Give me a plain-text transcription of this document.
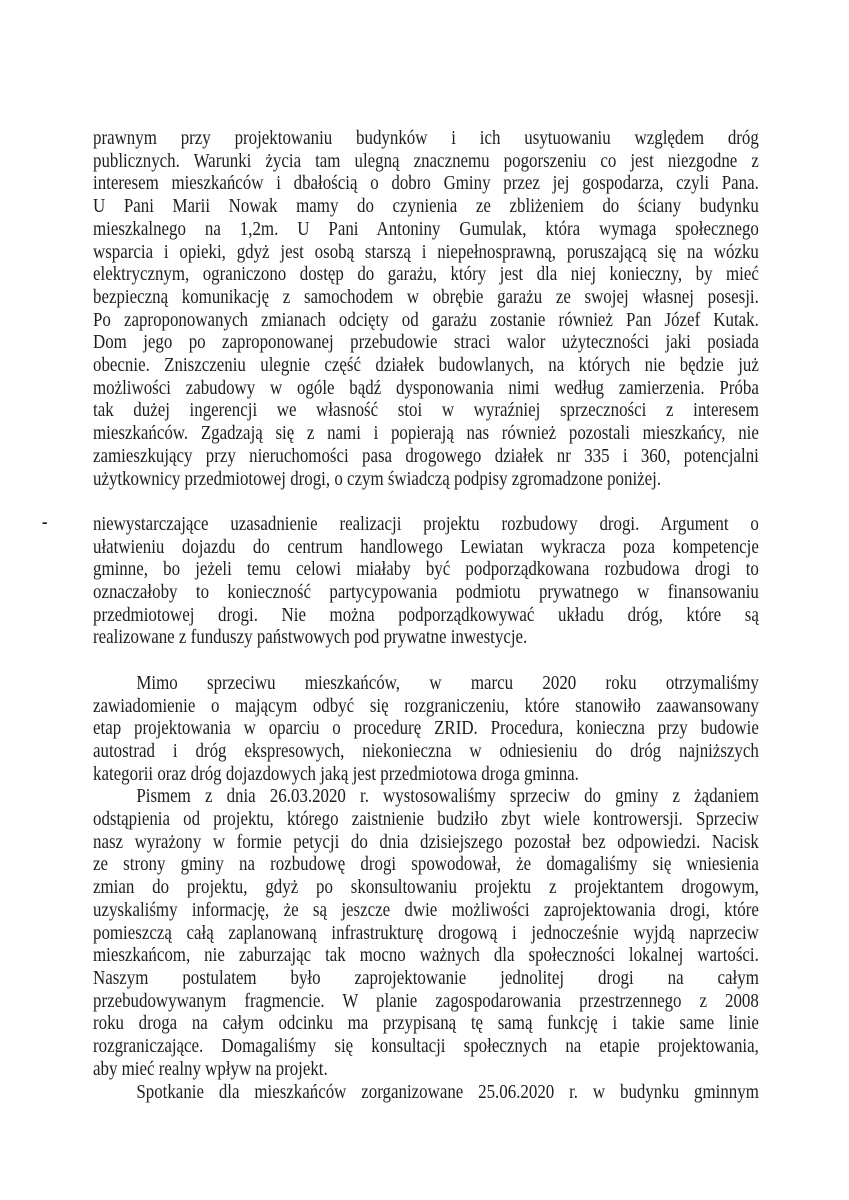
prawnym przy projektowaniu budynków i ich usytuowaniu względem dróg
publicznych. Warunki życia tam ulegną znacznemu pogorszeniu co jest niezgodne z
interesem mieszkańców i dbałością o dobro Gminy przez jej gospodarza, czyli Pana.
U Pani Marii Nowak mamy do czynienia ze zbliżeniem do ściany budynku
mieszkalnego na 1,2m. U Pani Antoniny Gumulak, która wymaga społecznego
wsparcia i opieki, gdyż jest osobą starszą i niepełnosprawną, poruszającą się na wózku
elektrycznym, ograniczono dostęp do garażu, który jest dla niej konieczny, by mieć
bezpieczną komunikację z samochodem w obrębie garażu ze swojej własnej posesji.
Po zaproponowanych zmianach odcięty od garażu zostanie również Pan Józef Kutak.
Dom jego po zaproponowanej przebudowie straci walor użyteczności jaki posiada
obecnie. Zniszczeniu ulegnie część działek budowlanych, na których nie będzie już
możliwości zabudowy w ogóle bądź dysponowania nimi według zamierzenia. Próba
tak dużej ingerencji we własność stoi w wyraźniej sprzeczności z interesem
mieszkańców. Zgadzają się z nami i popierają nas również pozostali mieszkańcy, nie
zamieszkujący przy nieruchomości pasa drogowego działek nr 335 i 360, potencjalni
użytkownicy przedmiotowej drogi, o czym świadczą podpisy zgromadzone poniżej.
- niewystarczające uzasadnienie realizacji projektu rozbudowy drogi. Argument o
ułatwieniu dojazdu do centrum handlowego Lewiatan wykracza poza kompetencje
gminne, bo jeżeli temu celowi miałaby być podporządkowana rozbudowa drogi to
oznaczałoby to konieczność partycypowania podmiotu prywatnego w finansowaniu
przedmiotowej drogi. Nie można podporządkowywać układu dróg, które są
realizowane z funduszy państwowych pod prywatne inwestycje.
Mimo sprzeciwu mieszkańców, w marcu 2020 roku otrzymaliśmy
zawiadomienie o mającym odbyć się rozgraniczeniu, które stanowiło zaawansowany
etap projektowania w oparciu o procedurę ZRID. Procedura, konieczna przy budowie
autostrad i dróg ekspresowych, niekonieczna w odniesieniu do dróg najniższych
kategorii oraz dróg dojazdowych jaką jest przedmiotowa droga gminna.
Pismem z dnia 26.03.2020 r. wystosowaliśmy sprzeciw do gminy z żądaniem
odstąpienia od projektu, którego zaistnienie budziło zbyt wiele kontrowersji. Sprzeciw
nasz wyrażony w formie petycji do dnia dzisiejszego pozostał bez odpowiedzi. Nacisk
ze strony gminy na rozbudowę drogi spowodował, że domagaliśmy się wniesienia
zmian do projektu, gdyż po skonsultowaniu projektu z projektantem drogowym,
uzyskaliśmy informację, że są jeszcze dwie możliwości zaprojektowania drogi, które
pomieszczą całą zaplanowaną infrastrukturę drogową i jednocześnie wyjdą naprzeciw
mieszkańcom, nie zaburzając tak mocno ważnych dla społeczności lokalnej wartości.
Naszym postulatem było zaprojektowanie jednolitej drogi na całym
przebudowywanym fragmencie. W planie zagospodarowania przestrzennego z 2008
roku droga na całym odcinku ma przypisaną tę samą funkcję i takie same linie
rozgraniczające. Domagaliśmy się konsultacji społecznych na etapie projektowania,
aby mieć realny wpływ na projekt.
Spotkanie dla mieszkańców zorganizowane 25.06.2020 r. w budynku gminnym
